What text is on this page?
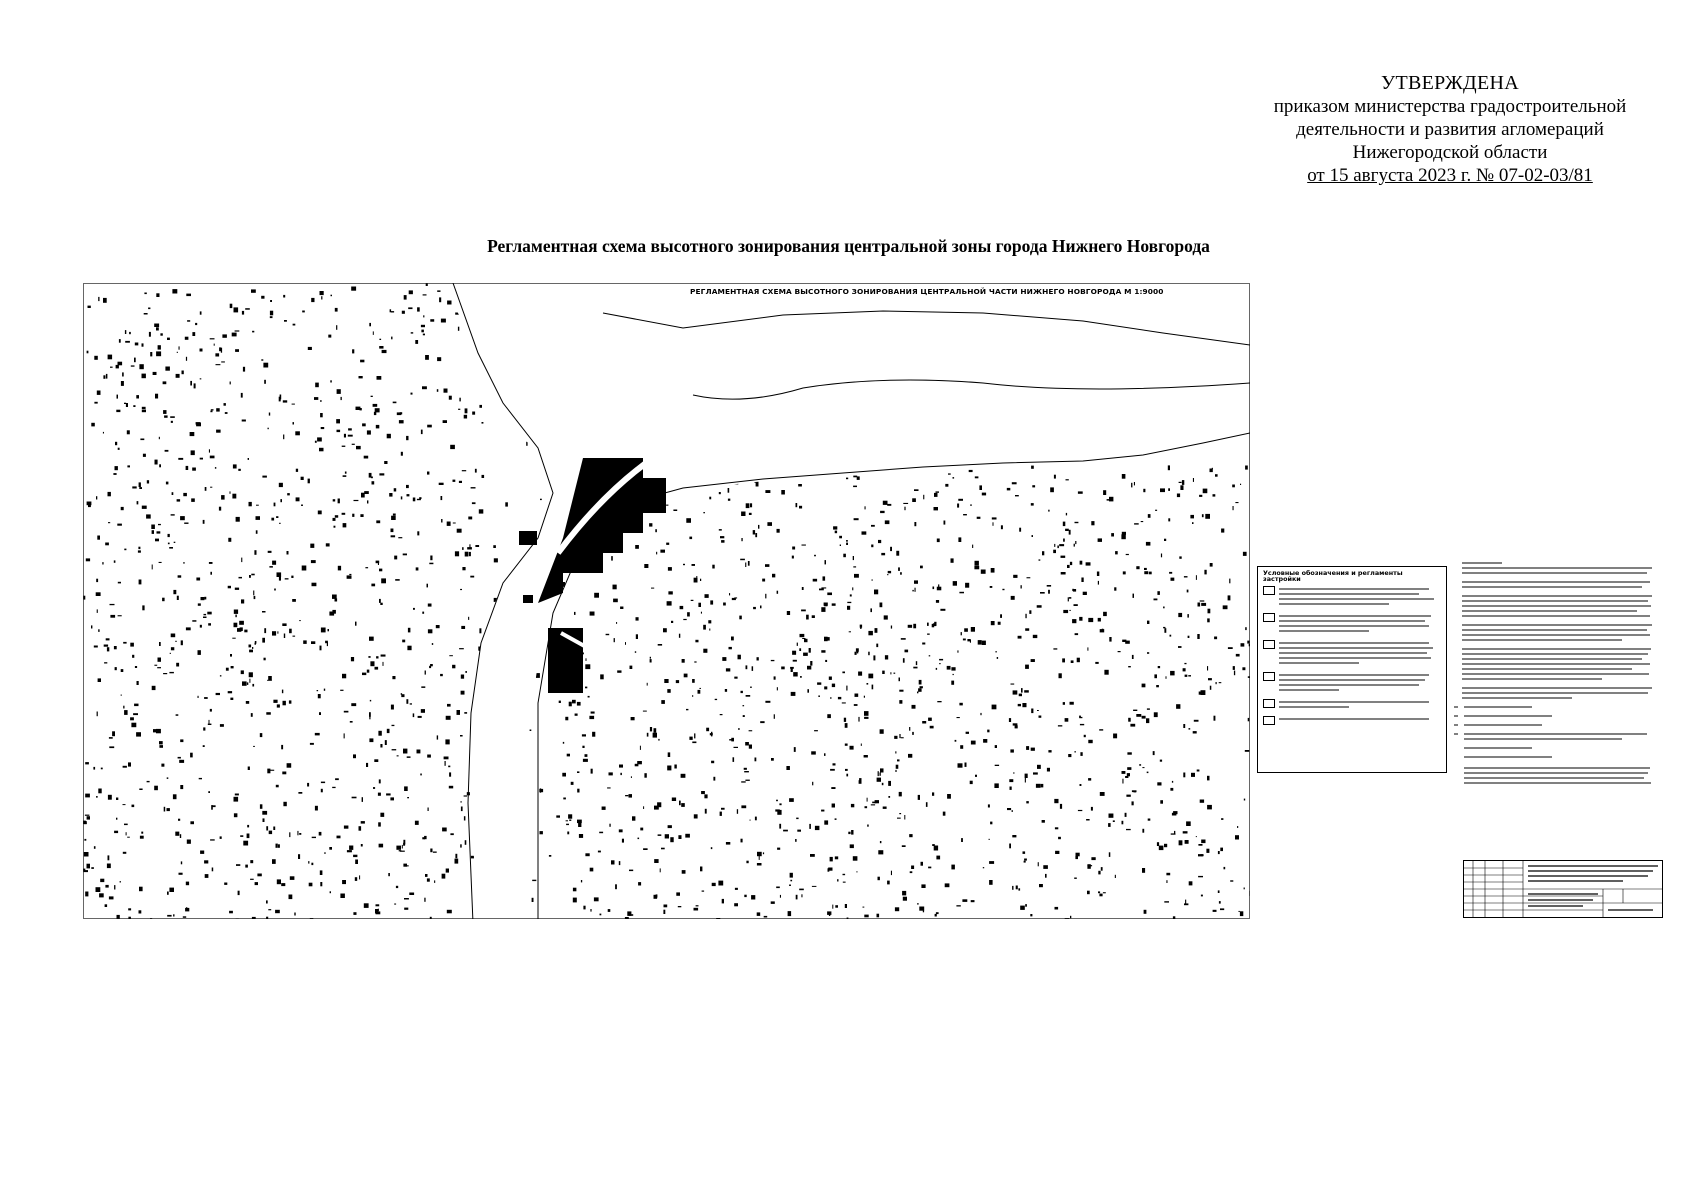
УТВЕРЖДЕНА
приказом министерства градостроительной
деятельности и развития агломераций
Нижегородской области
от 15 августа 2023 г. № 07-02-03/81
Регламентная схема высотного зонирования центральной зоны города Нижнего Новгорода
РЕГЛАМЕНТНАЯ СХЕМА ВЫСОТНОГО ЗОНИРОВАНИЯ ЦЕНТРАЛЬНОЙ ЧАСТИ НИЖНЕГО НОВГОРОДА М 1:9000
Условные обозначения и регламенты застройки
